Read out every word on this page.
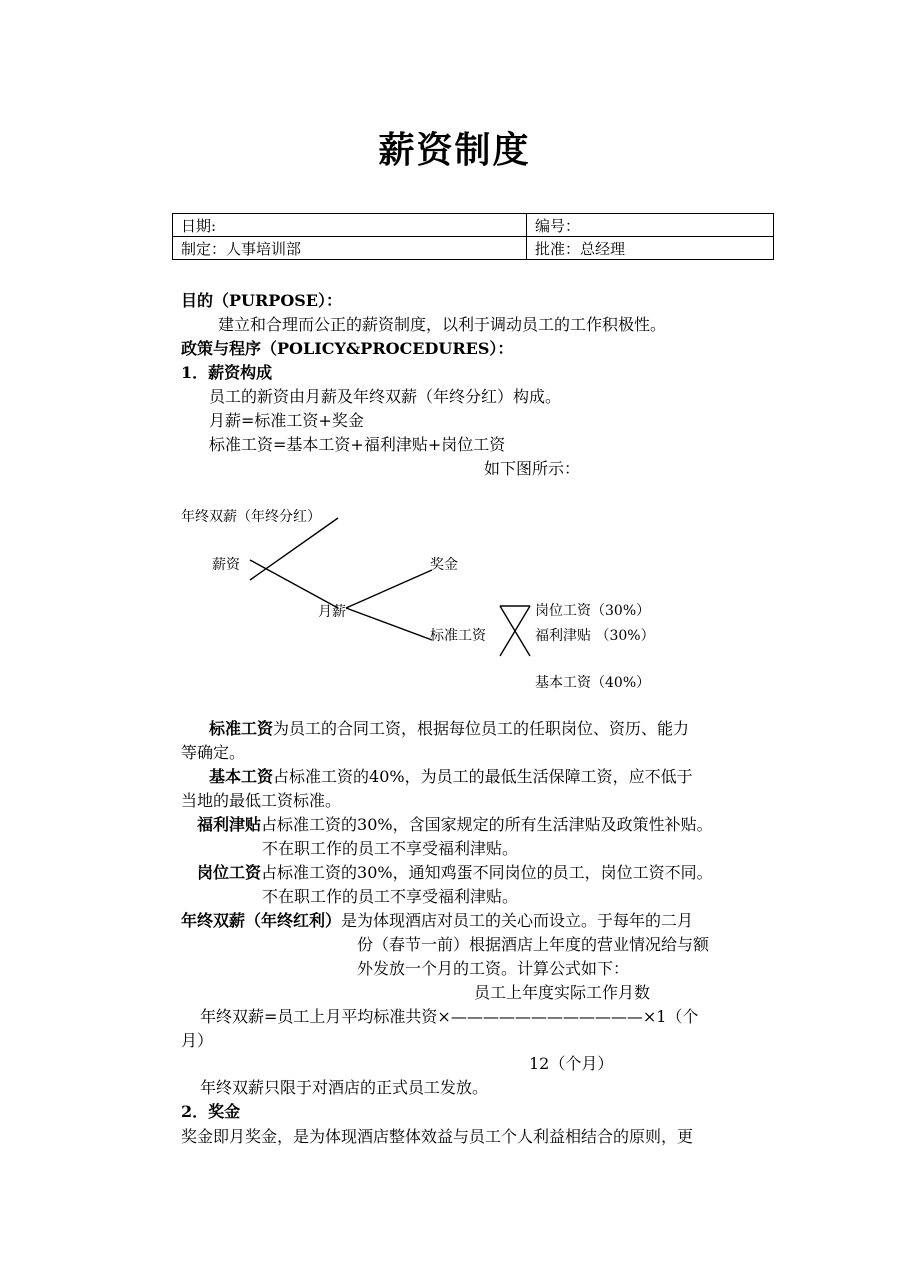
薪资制度
日期:	编号：
制定：人事培训部	批准：总经理
目的（PURPOSE）：
建立和合理而公正的薪资制度，以利于调动员工的工作积极性。
政策与程序（POLICY&PROCEDURES）：
1．薪资构成
员工的新资由月薪及年终双薪（年终分红）构成。
月薪=标准工资+奖金
标准工资=基本工资+福利津贴+岗位工资
如下图所示：
年终双薪（年终分红）
薪资	奖金
月薪
标准工资
岗位工资（30%）
福利津贴 （30%）
基本工资（40%）
标准工资为员工的合同工资，根据每位员工的任职岗位、资历、能力
等确定。
基本工资占标准工资的40%，为员工的最低生活保障工资，应不低于
当地的最低工资标准。
福利津贴占标准工资的30%，含国家规定的所有生活津贴及政策性补贴。
不在职工作的员工不享受福利津贴。
岗位工资占标准工资的30%，通知鸡蛋不同岗位的员工，岗位工资不同。
不在职工作的员工不享受福利津贴。
年终双薪（年终红利）是为体现酒店对员工的关心而设立。于每年的二月
份（春节一前）根据酒店上年度的营业情况给与额
外发放一个月的工资。计算公式如下：
员工上年度实际工作月数
年终双薪=员工上月平均标准共资×————————————×1（个
月）
12（个月）
年终双薪只限于对酒店的正式员工发放。
2．奖金
奖金即月奖金，是为体现酒店整体效益与员工个人利益相结合的原则，更
